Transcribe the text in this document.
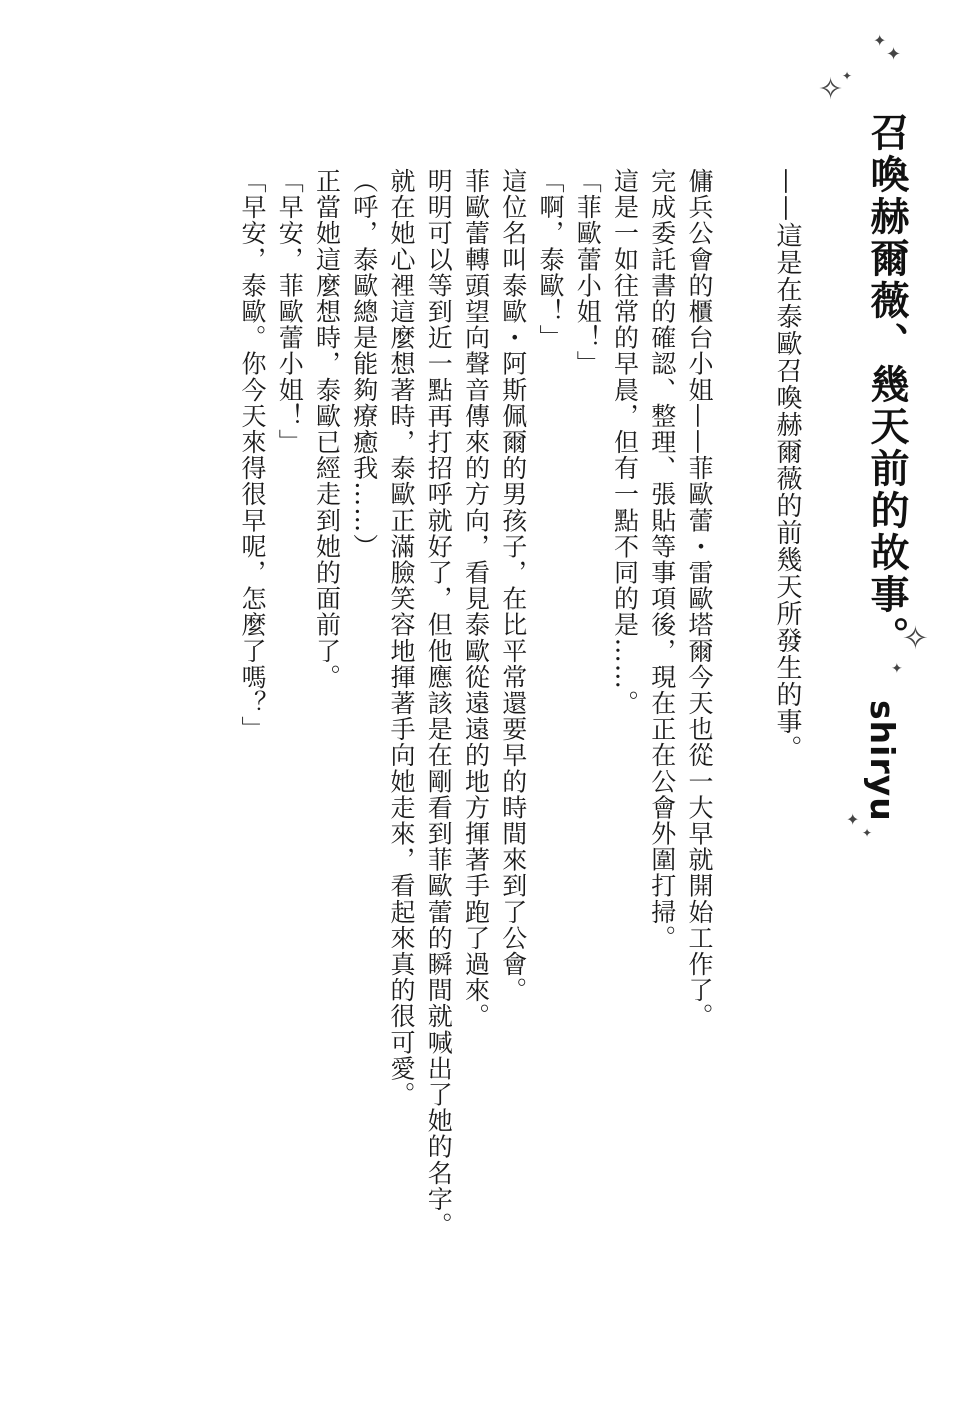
召喚赫爾薇、幾天前的故事。
shiryu
——這是在泰歐召喚赫爾薇的前幾天所發生的事。

傭兵公會的櫃台小姐——菲歐蕾・雷歐塔爾今天也從一大早就開始工作了。

完成委託書的確認、整理、張貼等事項後，現在正在公會外圍打掃。

這是一如往常的早晨，但有一點不同的是……。

「菲歐蕾小姐！」

「啊，泰歐！」

這位名叫泰歐・阿斯佩爾的男孩子，在比平常還要早的時間來到了公會。

菲歐蕾轉頭望向聲音傳來的方向，看見泰歐從遠遠的地方揮著手跑了過來。

明明可以等到近一點再打招呼就好了，但他應該是在剛看到菲歐蕾的瞬間就喊出了她的名字。

就在她心裡這麼想著時，泰歐正滿臉笑容地揮著手向她走來，看起來真的很可愛。

（呼，泰歐總是能夠療癒我……）

正當她這麼想時，泰歐已經走到她的面前了。

「早安，菲歐蕾小姐！」

「早安，泰歐。你今天來得很早呢，怎麼了嗎？」

✦
✦
✧
✦
✧
✦
✦
✦
